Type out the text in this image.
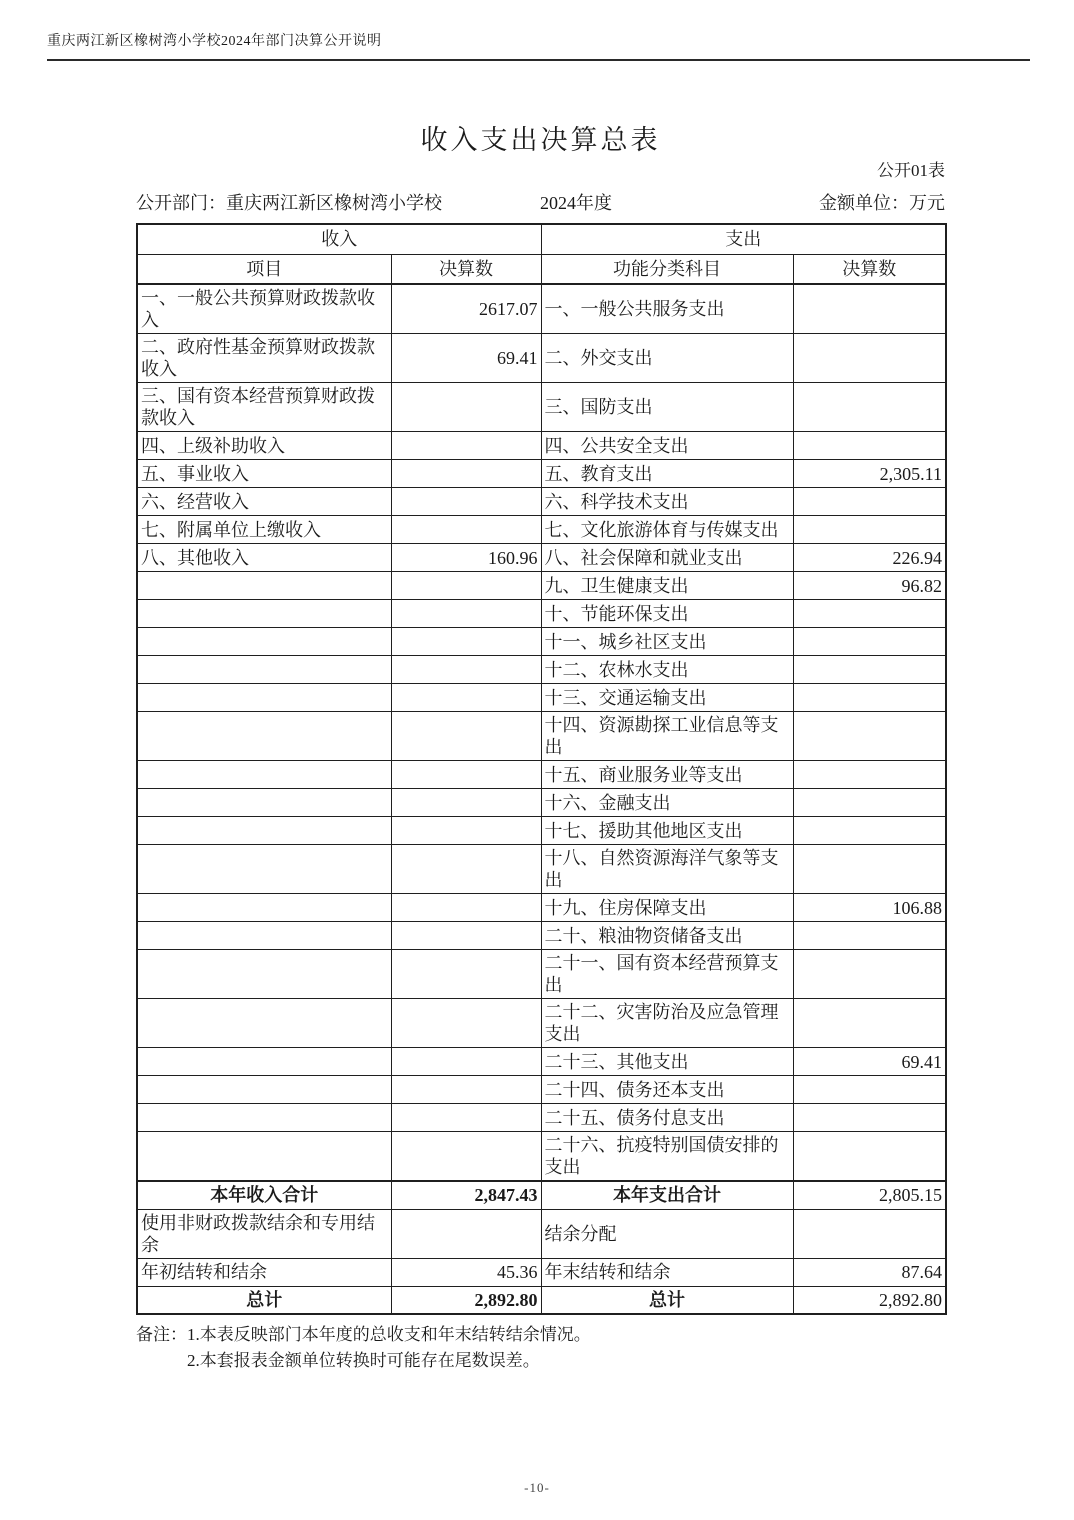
重庆两江新区橡树湾小学校2024年部门决算公开说明
收入支出决算总表
公开01表
公开部门：重庆两江新区橡树湾小学校	2024年度	金额单位：万元
收入		支出	
项目	决算数	功能分类科目	决算数
一、一般公共预算财政拨款收入	2617.07	一、一般公共服务支出	
二、政府性基金预算财政拨款收入	69.41	二、外交支出	
三、国有资本经营预算财政拨款收入		三、国防支出	
四、上级补助收入		四、公共安全支出	
五、事业收入		五、教育支出	2,305.11
六、经营收入		六、科学技术支出	
七、附属单位上缴收入		七、文化旅游体育与传媒支出	
八、其他收入	160.96	八、社会保障和就业支出	226.94
		九、卫生健康支出	96.82
		十、节能环保支出	
		十一、城乡社区支出	
		十二、农林水支出	
		十三、交通运输支出	
		十四、资源勘探工业信息等支出	
		十五、商业服务业等支出	
		十六、金融支出	
		十七、援助其他地区支出	
		十八、自然资源海洋气象等支出	
		十九、住房保障支出	106.88
		二十、粮油物资储备支出	
		二十一、国有资本经营预算支出	
		二十二、灾害防治及应急管理支出	
		二十三、其他支出	69.41
		二十四、债务还本支出	
		二十五、债务付息支出	
		二十六、抗疫特别国债安排的支出	
本年收入合计	2,847.43	本年支出合计	2,805.15
使用非财政拨款结余和专用结余		结余分配	
年初结转和结余	45.36	年末结转和结余	87.64
总计	2,892.80	总计	2,892.80
备注： 1.本表反映部门本年度的总收支和年末结转结余情况。
2.本套报表金额单位转换时可能存在尾数误差。
-10-
